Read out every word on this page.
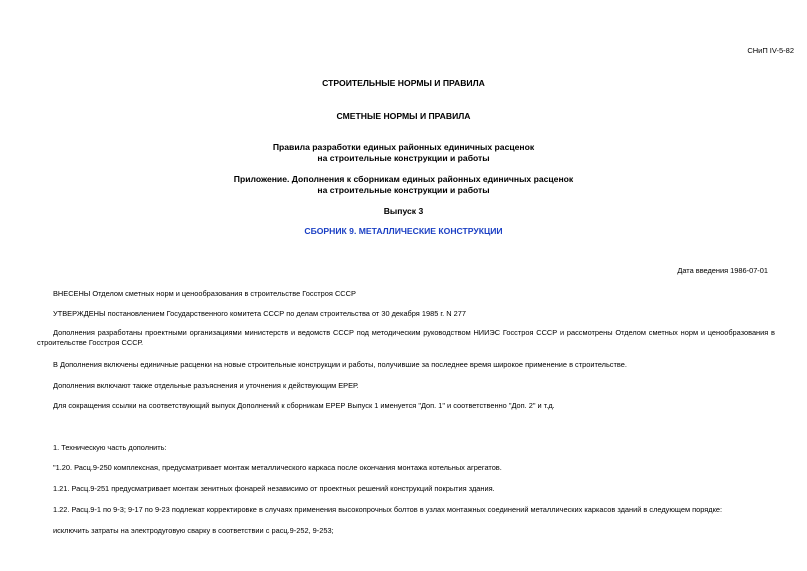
СНиП IV-5-82
СТРОИТЕЛЬНЫЕ НОРМЫ И ПРАВИЛА
СМЕТНЫЕ НОРМЫ И ПРАВИЛА
Правила разработки единых районных единичных расценок
на строительные конструкции и работы
Приложение. Дополнения к сборникам единых районных единичных расценок
на строительные конструкции и работы
Выпуск 3
СБОРНИК 9. МЕТАЛЛИЧЕСКИЕ КОНСТРУКЦИИ
Дата введения 1986-07-01
ВНЕСЕНЫ Отделом сметных норм и ценообразования в строительстве Госстроя СССР
УТВЕРЖДЕНЫ постановлением Государственного комитета СССР по делам строительства от 30 декабря 1985 г. N 277
Дополнения разработаны проектными организациями министерств и ведомств СССР под методическим руководством НИИЭС Госстроя СССР и рассмотрены Отделом сметных норм и ценообразования в строительстве Госстроя СССР.
В Дополнения включены единичные расценки на новые строительные конструкции и работы, получившие за последнее время широкое применение в строительстве.
Дополнения включают также отдельные разъяснения и уточнения к действующим ЕРЕР.
Для сокращения ссылки на соответствующий выпуск Дополнений к сборникам ЕРЕР Выпуск 1 именуется "Доп. 1" и соответственно "Доп. 2" и т.д.
1. Техническую часть дополнить:
"1.20. Расц.9-250 комплексная, предусматривает монтаж металлического каркаса после окончания монтажа котельных агрегатов.
1.21. Расц.9-251 предусматривает монтаж зенитных фонарей независимо от проектных решений конструкций покрытия здания.
1.22. Расц.9-1 по 9-3; 9-17 по 9-23 подлежат корректировке в случаях применения высокопрочных болтов в узлах монтажных соединений металлических каркасов зданий в следующем порядке:
исключить затраты на электродуговую сварку в соответствии с расц.9-252, 9-253;
